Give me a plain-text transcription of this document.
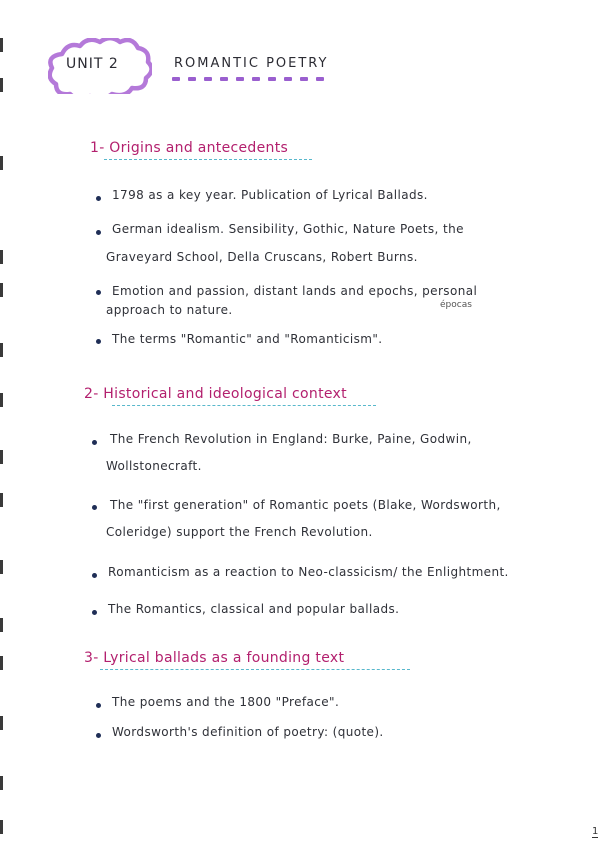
UNIT 2	ROMANTIC POETRY
1- Origins and antecedents
1798 as a key year. Publication of Lyrical Ballads.
German idealism. Sensibility, Gothic, Nature Poets, the
Graveyard School, Della Cruscans, Robert Burns.
Emotion and passion, distant lands and epochs, personal
approach to nature.	épocas
The terms "Romantic" and "Romanticism".
2- Historical and ideological context
The French Revolution in England: Burke, Paine, Godwin,
Wollstonecraft.
The "first generation" of Romantic poets (Blake, Wordsworth,
Coleridge) support the French Revolution.
Romanticism as a reaction to Neo-classicism/ the Enlightment.
The Romantics, classical and popular ballads.
3- Lyrical ballads as a founding text
The poems and the 1800 "Preface".
Wordsworth's definition of poetry: (quote).
1
